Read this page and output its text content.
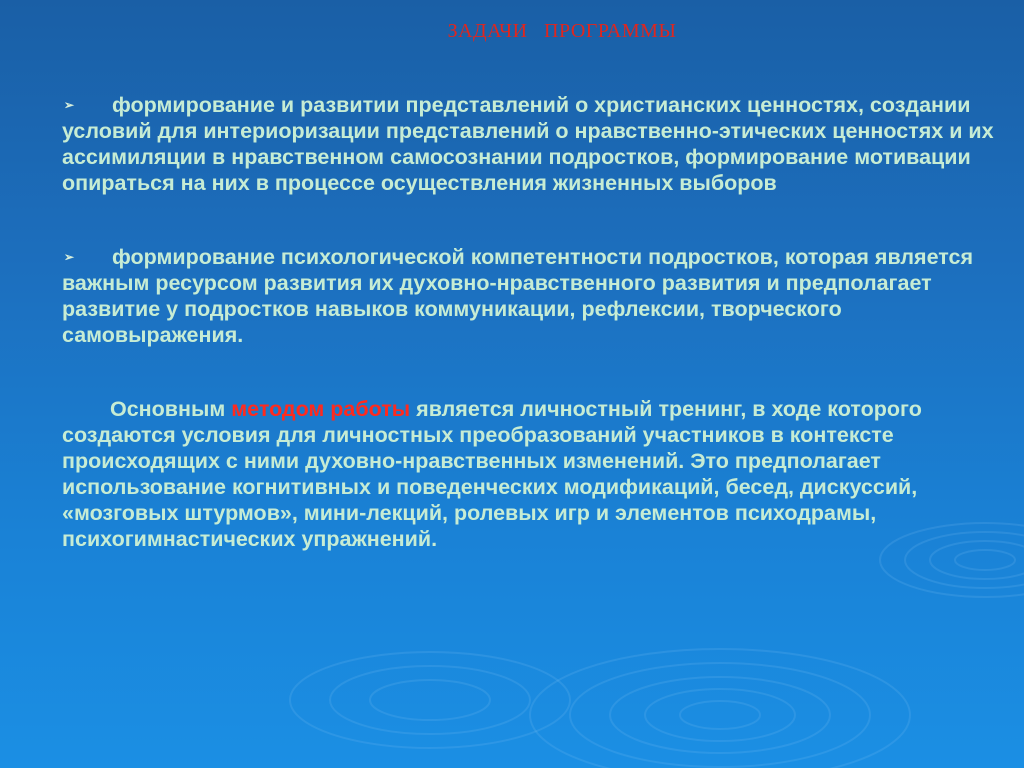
ЗАДАЧИ   ПРОГРАММЫ
➢ формирование и развитии представлений о христианских ценностях, создании условий для интериоризации представлений о нравственно-этических ценностях и их ассимиляции в нравственном самосознании подростков, формирование мотивации опираться на них в процессе осуществления жизненных выборов
➢ формирование психологической компетентности подростков, которая является важным ресурсом развития их духовно-нравственного развития и предполагает развитие у подростков навыков коммуникации, рефлексии, творческого самовыражения.

Основным методом работы является личностный тренинг, в ходе которого создаются условия для личностных преобразований участников в контексте происходящих с ними духовно-нравственных изменений. Это предполагает использование когнитивных и поведенческих модификаций, бесед, дискуссий, «мозговых штурмов», мини-лекций, ролевых игр и элементов психодрамы, психогимнастических упражнений.
